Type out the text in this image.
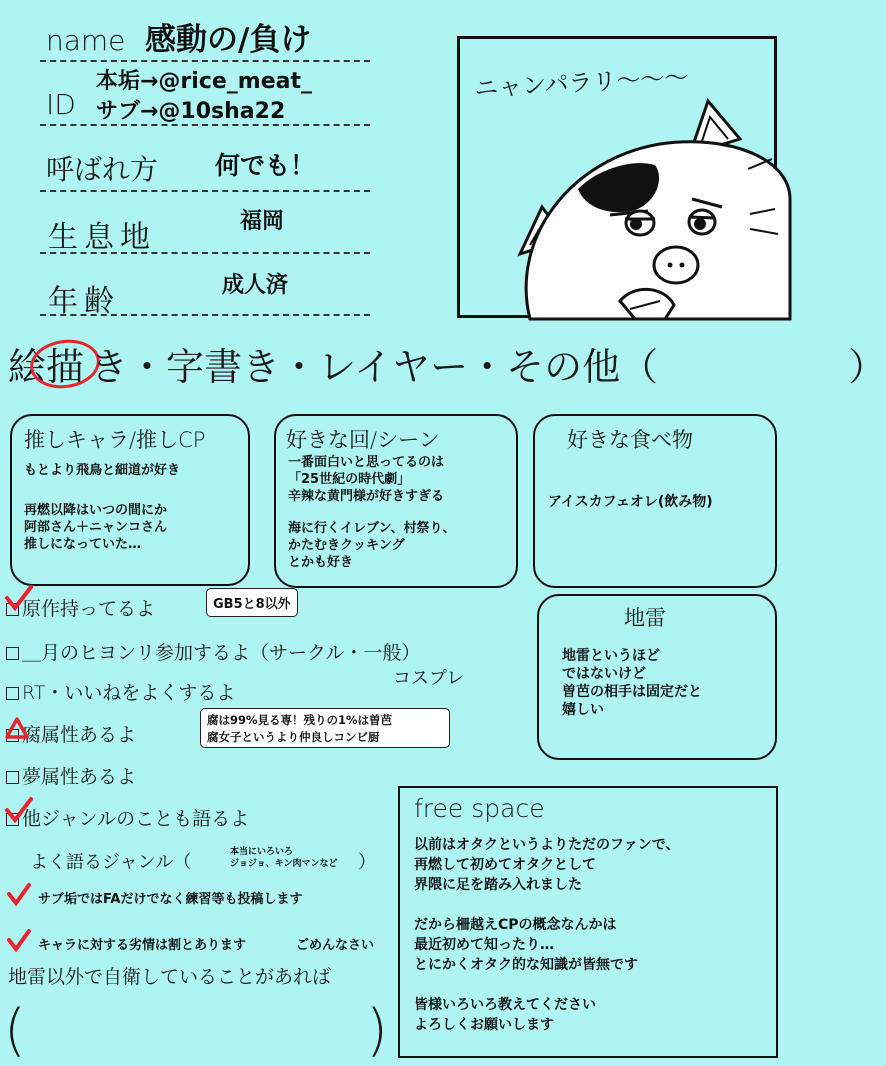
name 感動の/負け
ID
本垢→@rice_meat_
サブ→@10sha22
呼ばれ方 何でも！
生息地	福岡
年齢	成人済
ニャンパラリ〜〜〜
絵描 き・字書き・レイヤー・その他（　　　　　）
推しキャラ/推しCP
もとより飛鳥と細道が好き
再燃以降はいつの間にか
阿部さん＋ニャンコさん
推しになっていた…
好きな回/シーン
一番面白いと思ってるのは
「25世紀の時代劇」
辛辣な黄門様が好きすぎる
海に行くイレブン、村祭り、
かたむきクッキング
とかも好き
好きな食べ物
アイスカフェオレ(飲み物)
地雷
地雷というほど
ではないけど
曽芭の相手は固定だと
嬉しい
原作持ってるよ	GB5と8以外
＿月のヒヨンリ参加するよ（サークル・一般）
コスプレ
RT・いいねをよくするよ
腐属性あるよ
腐は99%見る専！残りの1%は曽芭
腐女子というより仲良しコンビ厨
夢属性あるよ
他ジャンルのことも語るよ
よく語るジャンル（	本当にいろいろ
ジョジョ、キン肉マンなど ）
サブ垢ではFAだけでなく練習等も投稿します
キャラに対する劣情は割とあります	ごめんなさい
地雷以外で自衛していることがあれば
(	)
free space
以前はオタクというよりただのファンで、
再燃して初めてオタクとして
界隈に足を踏み入れました
だから柵越えCPの概念なんかは
最近初めて知ったり…
とにかくオタク的な知識が皆無です
皆様いろいろ教えてください
よろしくお願いします
